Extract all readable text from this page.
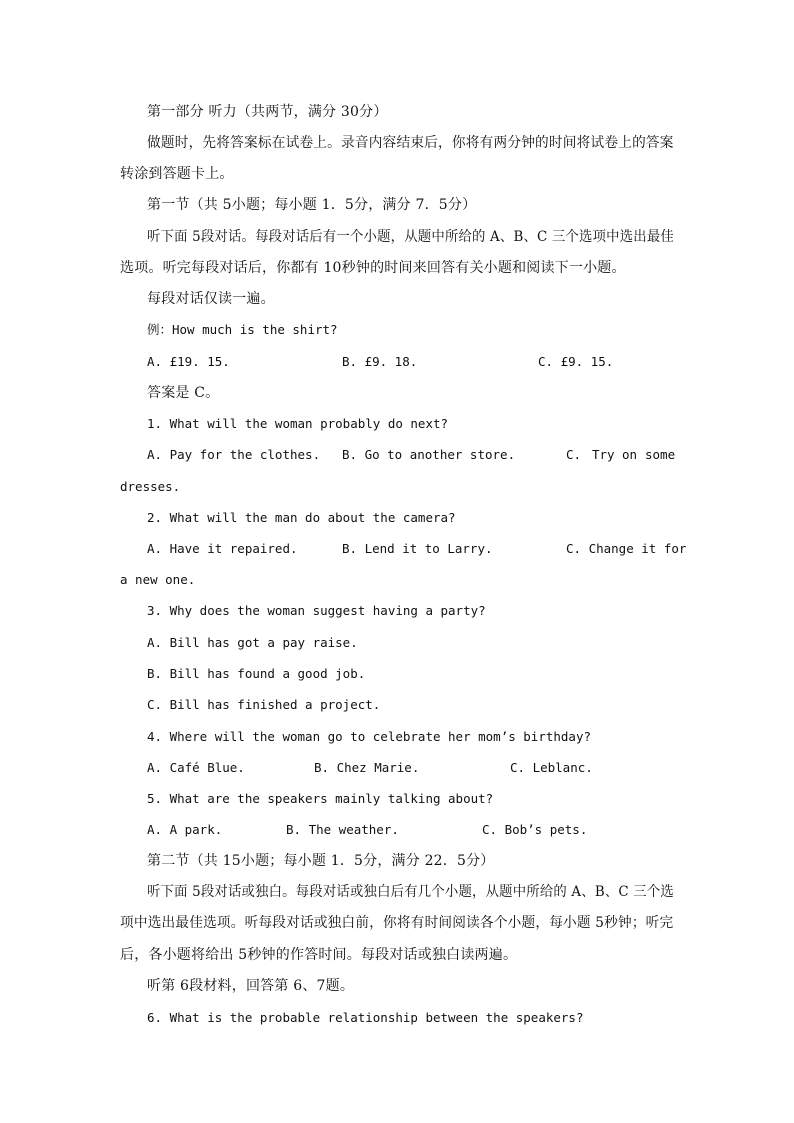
第一部分 听力（共两节，满分 30分）
做题时，先将答案标在试卷上。录音内容结束后，你将有两分钟的时间将试卷上的答案
转涂到答题卡上。
第一节（共 5小题；每小题 1．5分，满分 7．5分）
听下面 5段对话。每段对话后有一个小题，从题中所给的 A、B、C 三个选项中选出最佳
选项。听完每段对话后，你都有 10秒钟的时间来回答有关小题和阅读下一小题。
每段对话仅读一遍。
例：How much is the shirt?
A. £19. 15.	B. £9. 18.	C. £9. 15.
答案是 C。
1. What will the woman probably do next?
A. Pay for the clothes. B. Go to another store.	C. Try on some
dresses.
2. What will the man do about the camera?
A. Have it repaired.	B. Lend it to Larry.	C. Change it for
a new one.
3. Why does the woman suggest having a party?
A. Bill has got a pay raise.
B. Bill has found a good job.
C. Bill has finished a project.
4. Where will the woman go to celebrate her mom’s birthday?
A. Café Blue.	B. Chez Marie.	C. Leblanc.
5. What are the speakers mainly talking about?
A. A park.	B. The weather.	C. Bob’s pets.
第二节（共 15小题；每小题 1．5分，满分 22．5分）
听下面 5段对话或独白。每段对话或独白后有几个小题，从题中所给的 A、B、C 三个选
项中选出最佳选项。听每段对话或独白前，你将有时间阅读各个小题，每小题 5秒钟；听完
后，各小题将给出 5秒钟的作答时间。每段对话或独白读两遍。
听第 6段材料，回答第 6、7题。
6. What is the probable relationship between the speakers?
